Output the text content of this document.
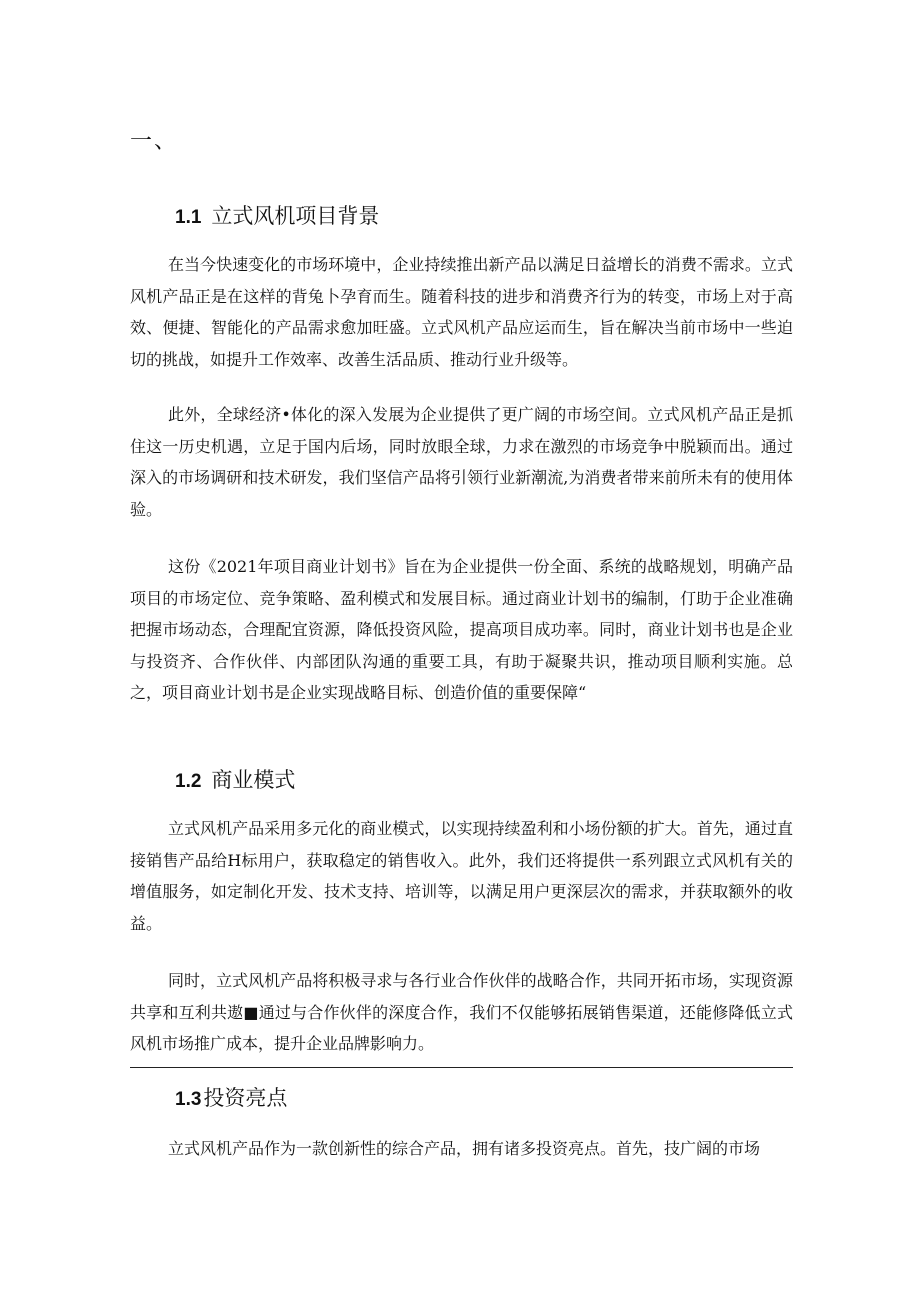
一、
1.1 立式风机项目背景

在当今快速变化的市场环境中，企业持续推出新产品以满足日益增长的消费不需求。立式风机产品正是在这样的背兔卜孕育而生。随着科技的进步和消费齐行为的转变，市场上对于高效、便捷、智能化的产品需求愈加旺盛。立式风机产品应运而生，旨在解决当前市场中一些迫切的挑战，如提升工作效率、改善生活品质、推动行业升级等。

此外，全球经济•体化的深入发展为企业提供了更广阔的市场空间。立式风机产品正是抓住这一历史机遇，立足于国内后场，同时放眼全球，力求在激烈的市场竞争中脱颖而出。通过深入的市场调研和技术研发，我们坚信产品将引领行业新潮流,为消费者带来前所未有的使用体验。

这份《2021年项目商业计划书》旨在为企业提供一份全面、系统的战略规划，明确产品项目的市场定位、竞争策略、盈利模式和发展目标。通过商业计划书的编制，仃助于企业准确把握市场动态，合理配宜资源，降低投资风险，提高项目成功率。同时，商业计划书也是企业与投资齐、合作伙伴、内部团队沟通的重要工具，有助于凝聚共识，推动项目顺利实施。总之，项目商业计划书是企业实现战略目标、创造价值的重要保障“

1.2 商业模式

立式风机产品采用多元化的商业模式，以实现持续盈利和小场份额的扩大。首先，通过直接销售产品给H标用户，获取稳定的销售收入。此外，我们还将提供一系列跟立式风机有关的增值服务，如定制化开发、技术支持、培训等，以满足用户更深层次的需求，并获取额外的收益。

同时，立式风机产品将积极寻求与各行业合作伙伴的战略合作，共同开拓市场，实现资源共享和互利共遨■通过与合作伙伴的深度合作，我们不仅能够拓展销售渠道，还能修降低立式风机市场推广成本，提升企业品牌影响力。

1.3投资亮点

立式风机产品作为一款创新性的综合产品，拥有诸多投资亮点。首先，技广阔的市场
